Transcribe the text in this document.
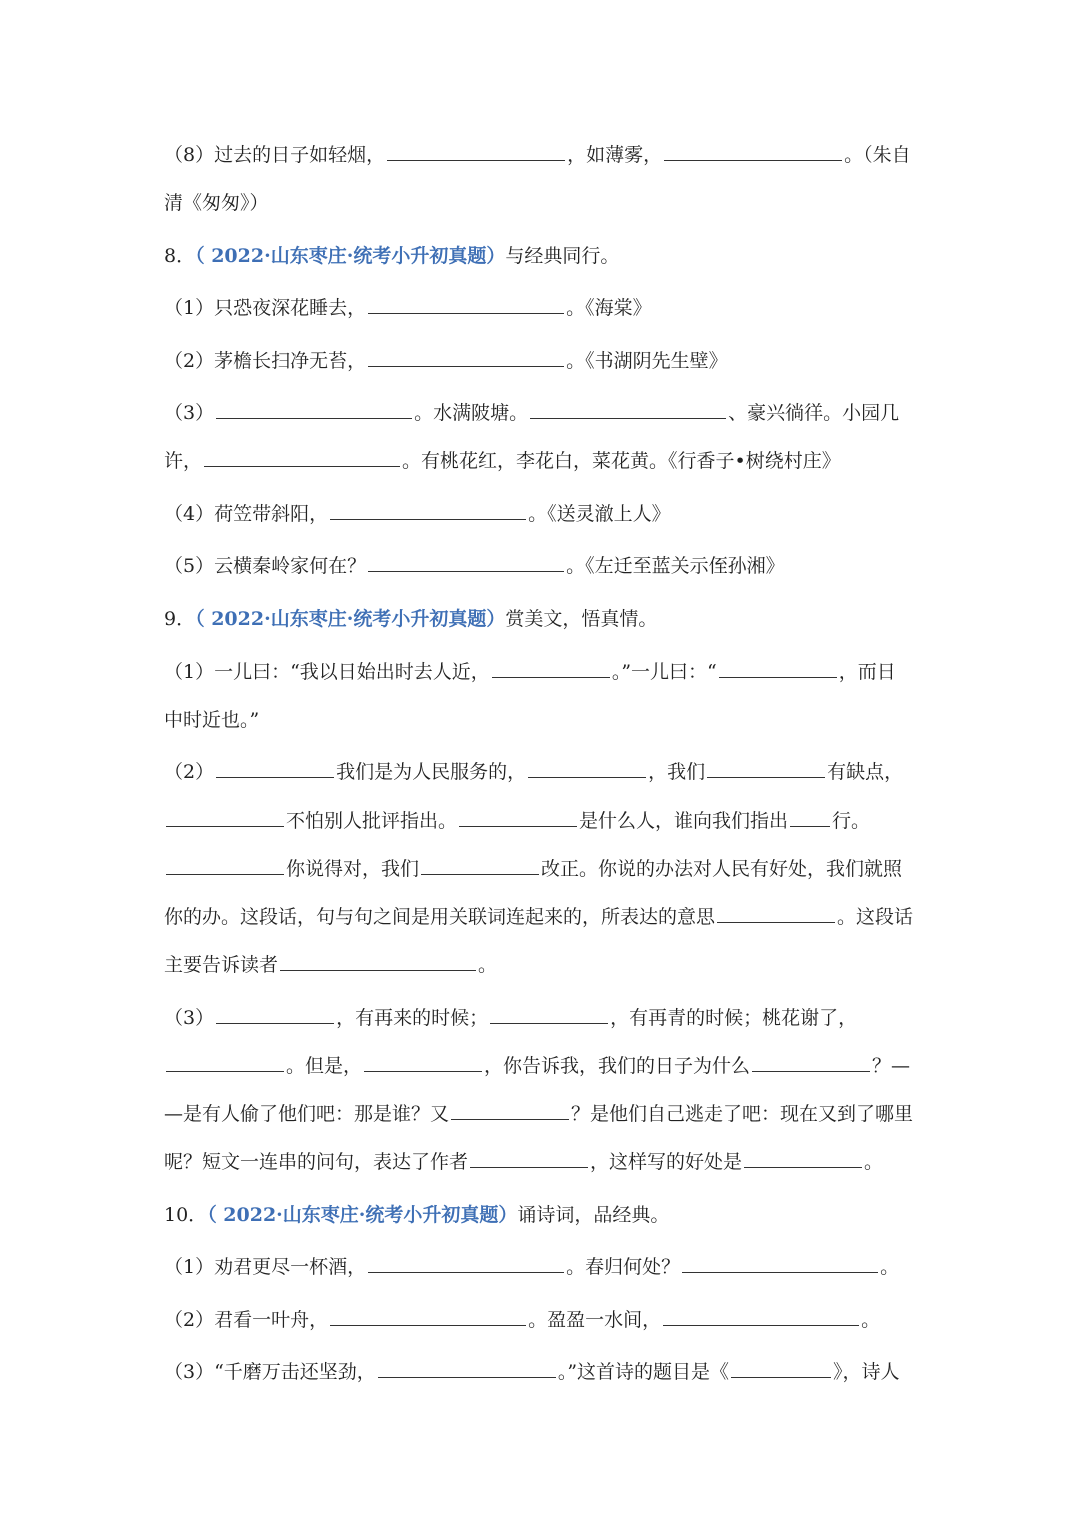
（8）过去的日子如轻烟，	，如薄雾，	。（朱自
清《匆匆》）
8．（ 2022·山东枣庄·统考小升初真题）与经典同行。
（1）只恐夜深花睡去，	。《海棠》
（2）茅檐长扫净无苔，	。《书湖阴先生壁》
（3）	。水满陂塘。	、豪兴徜徉。小园几
许，	。有桃花红，李花白，菜花黄。《行香子•树绕村庄》
（4）荷笠带斜阳，	。《送灵澈上人》
（5）云横秦岭家何在？	。《左迁至蓝关示侄孙湘》
9．（ 2022·山东枣庄·统考小升初真题）赏美文，悟真情。
（1）一儿曰：“我以日始出时去人近，	。”一儿曰：“	，而日
中时近也。”
（2）	我们是为人民服务的，	，我们	有缺点，
不怕别人批评指出。	是什么人，谁向我们指出 行。
你说得对，我们	改正。你说的办法对人民有好处，我们就照
你的办。这段话，句与句之间是用关联词连起来的，所表达的意思	。这段话
主要告诉读者	。
（3）	，有再来的时候；	，有再青的时候；桃花谢了，
。但是，	，你告诉我，我们的日子为什么	？—
—是有人偷了他们吧：那是谁？又	？是他们自己逃走了吧：现在又到了哪里
呢？短文一连串的问句，表达了作者	，这样写的好处是	。
10．（ 2022·山东枣庄·统考小升初真题）诵诗词，品经典。
（1）劝君更尽一杯酒，	。春归何处？	。
（2）君看一叶舟，	。盈盈一水间，	。
（3）“千磨万击还坚劲，	。”这首诗的题目是《	》，诗人
